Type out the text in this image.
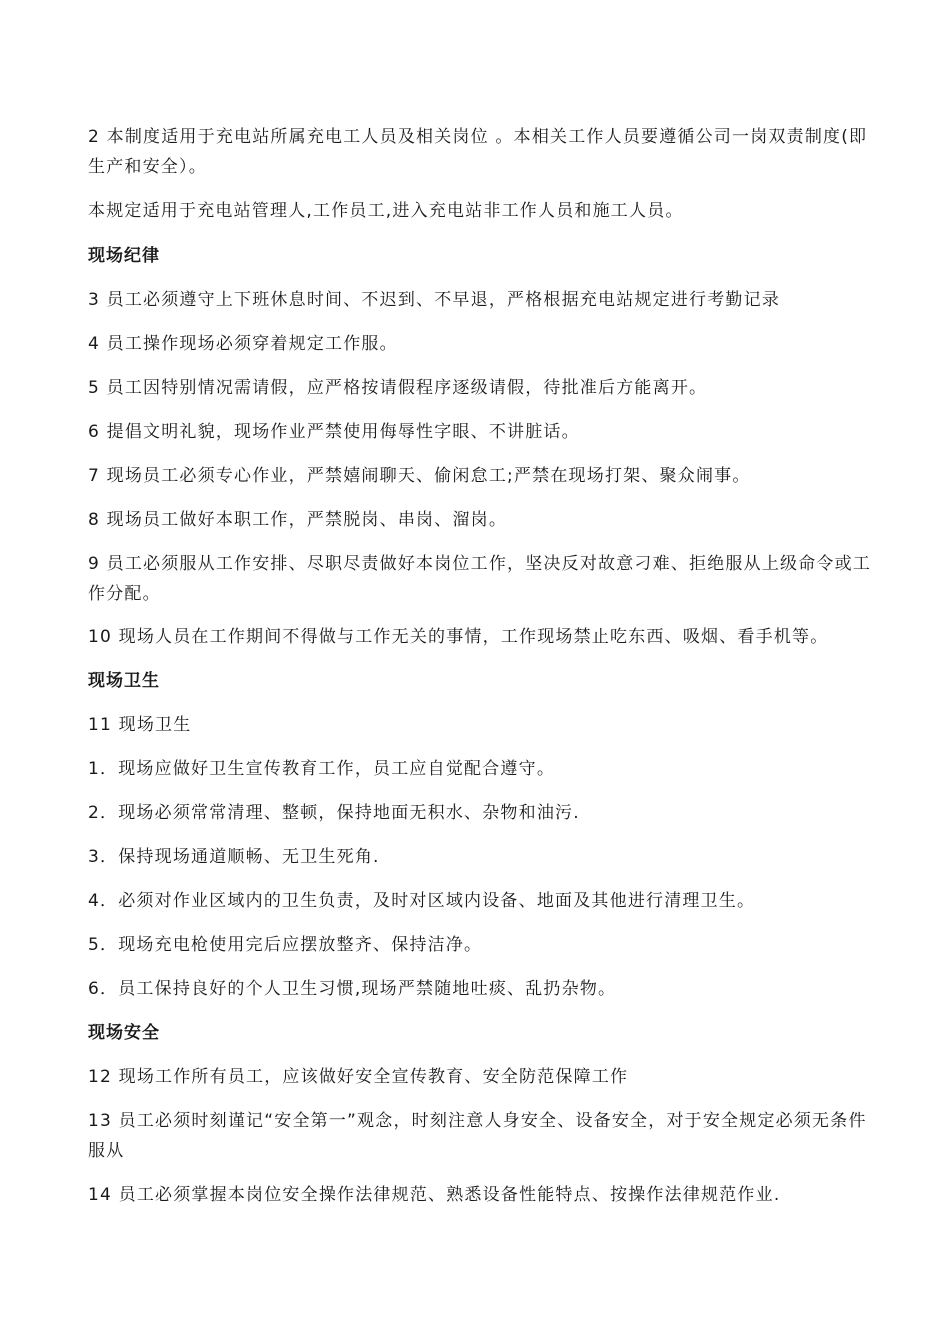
2 本制度适用于充电站所属充电工人员及相关岗位 。本相关工作人员要遵循公司一岗双责制度(即生产和安全）。

本规定适用于充电站管理人,工作员工,进入充电站非工作人员和施工人员。

现场纪律

3 员工必须遵守上下班休息时间、不迟到、不早退，严格根据充电站规定进行考勤记录

4 员工操作现场必须穿着规定工作服。

5 员工因特别情况需请假，应严格按请假程序逐级请假，待批准后方能离开。

6 提倡文明礼貌，现场作业严禁使用侮辱性字眼、不讲脏话。

7 现场员工必须专心作业，严禁嬉闹聊天、偷闲怠工;严禁在现场打架、聚众闹事。

8 现场员工做好本职工作，严禁脱岗、串岗、溜岗。

9 员工必须服从工作安排、尽职尽责做好本岗位工作，坚决反对故意刁难、拒绝服从上级命令或工作分配。

10 现场人员在工作期间不得做与工作无关的事情，工作现场禁止吃东西、吸烟、看手机等。

现场卫生

11 现场卫生

1．现场应做好卫生宣传教育工作，员工应自觉配合遵守。

2．现场必须常常清理、整顿，保持地面无积水、杂物和油污.

3．保持现场通道顺畅、无卫生死角.

4．必须对作业区域内的卫生负责，及时对区域内设备、地面及其他进行清理卫生。

5．现场充电枪使用完后应摆放整齐、保持洁净。

6．员工保持良好的个人卫生习惯,现场严禁随地吐痰、乱扔杂物。

现场安全

12 现场工作所有员工，应该做好安全宣传教育、安全防范保障工作

13 员工必须时刻谨记“安全第一”观念，时刻注意人身安全、设备安全，对于安全规定必须无条件服从

14 员工必须掌握本岗位安全操作法律规范、熟悉设备性能特点、按操作法律规范作业.
